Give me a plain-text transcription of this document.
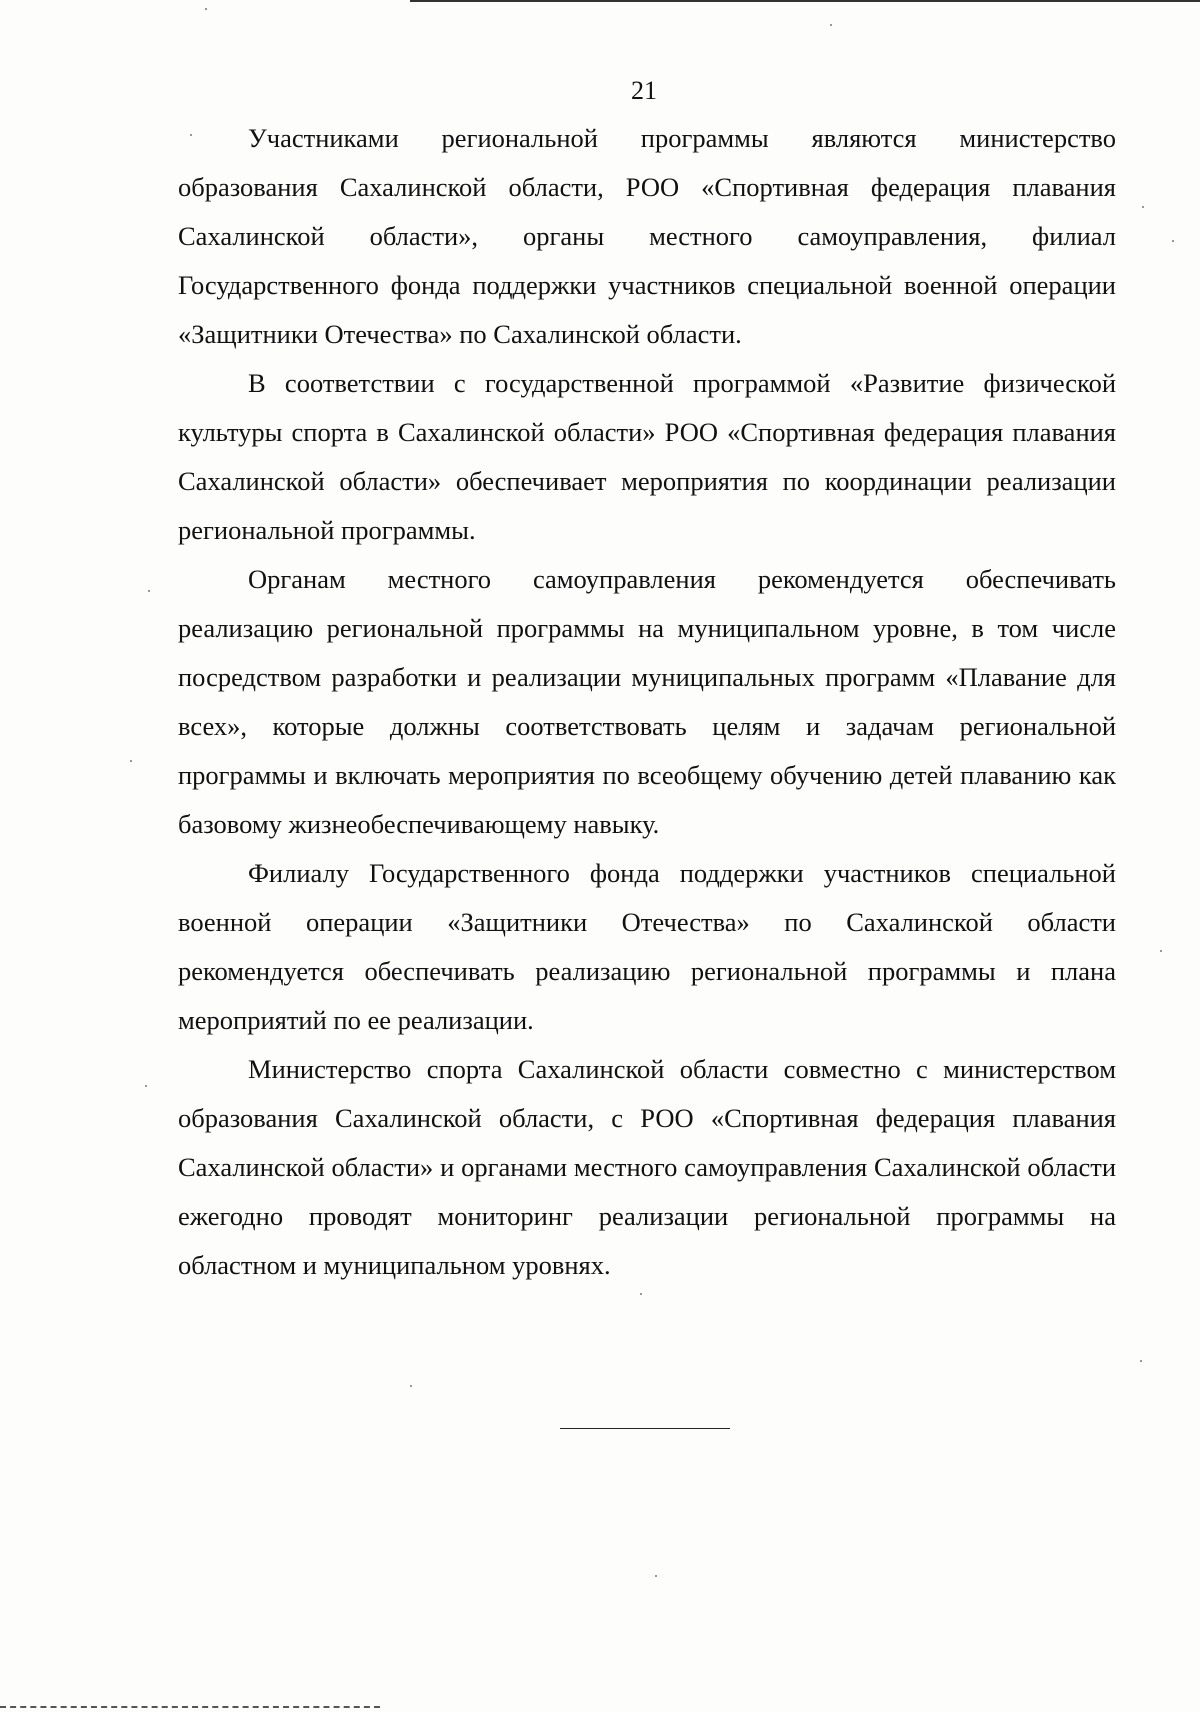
21

Участниками региональной программы являются министерство образования Сахалинской области, РОО «Спортивная федерация плавания Сахалинской области», органы местного самоуправления, филиал Государственного фонда поддержки участников специальной военной операции «Защитники Отечества» по Сахалинской области.

В соответствии с государственной программой «Развитие физической культуры спорта в Сахалинской области» РОО «Спортивная федерация плавания Сахалинской области» обеспечивает мероприятия по координации реализации региональной программы.

Органам местного самоуправления рекомендуется обеспечивать реализацию региональной программы на муниципальном уровне, в том числе посредством разработки и реализации муниципальных программ «Плавание для всех», которые должны соответствовать целям и задачам региональной программы и включать мероприятия по всеобщему обучению детей плаванию как базовому жизнеобеспечивающему навыку.

Филиалу Государственного фонда поддержки участников специальной военной операции «Защитники Отечества» по Сахалинской области рекомендуется обеспечивать реализацию региональной программы и плана мероприятий по ее реализации.

Министерство спорта Сахалинской области совместно с министерством образования Сахалинской области, с РОО «Спортивная федерация плавания Сахалинской области» и органами местного самоуправления Сахалинской области ежегодно проводят мониторинг реализации региональной программы на областном и муниципальном уровнях.
